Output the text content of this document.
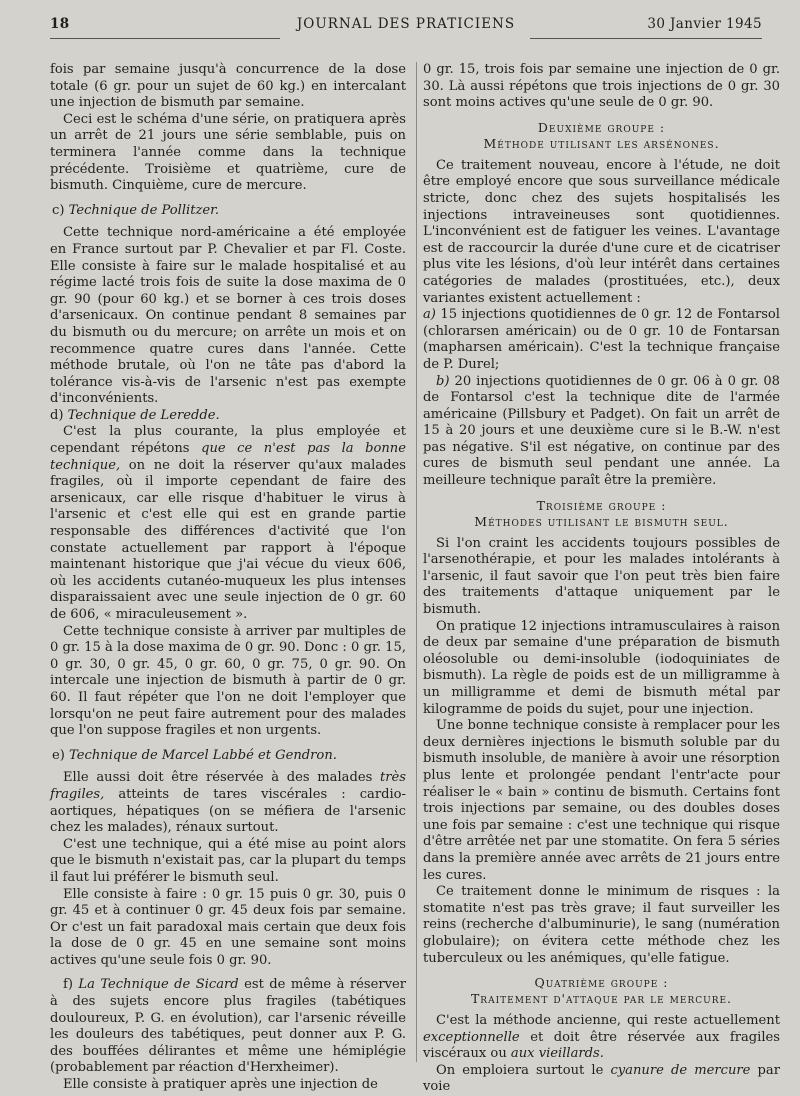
18	JOURNAL DES PRATICIENS	30 Janvier 1945

fois par semaine jusqu'à concurrence de la dose totale (6 gr. pour un sujet de 60 kg.) en intercalant une injection de bismuth par semaine.

Ceci est le schéma d'une série, on pratiquera après un arrêt de 21 jours une série semblable, puis on terminera l'année comme dans la technique précédente. Troisième et quatrième, cure de bismuth. Cinquième, cure de mercure.

c) Technique de Pollitzer.

Cette technique nord-américaine a été employée en France surtout par P. Chevalier et par Fl. Coste. Elle consiste à faire sur le malade hospitalisé et au régime lacté trois fois de suite la dose maxima de 0 gr. 90 (pour 60 kg.) et se borner à ces trois doses d'arsenicaux. On continue pendant 8 semaines par du bismuth ou du mercure; on arrête un mois et on recommence quatre cures dans l'année. Cette méthode brutale, où l'on ne tâte pas d'abord la tolérance vis-à-vis de l'arsenic n'est pas exempte d'inconvénients.

d) Technique de Leredde.

C'est la plus courante, la plus employée et cependant répétons que ce n'est pas la bonne technique, on ne doit la réserver qu'aux malades fragiles, où il importe cependant de faire des arsenicaux, car elle risque d'habituer le virus à l'arsenic et c'est elle qui est en grande partie responsable des différences d'activité que l'on constate actuellement par rapport à l'époque maintenant historique que j'ai vécue du vieux 606, où les accidents cutanéo-muqueux les plus intenses disparaissaient avec une seule injection de 0 gr. 60 de 606, « miraculeusement ».

Cette technique consiste à arriver par multiples de 0 gr. 15 à la dose maxima de 0 gr. 90. Donc : 0 gr. 15, 0 gr. 30, 0 gr. 45, 0 gr. 60, 0 gr. 75, 0 gr. 90. On intercale une injection de bismuth à partir de 0 gr. 60. Il faut répéter que l'on ne doit l'employer que lorsqu'on ne peut faire autrement pour des malades que l'on suppose fragiles et non urgents.

e) Technique de Marcel Labbé et Gendron.

Elle aussi doit être réservée à des malades très fragiles, atteints de tares viscérales : cardio-aortiques, hépatiques (on se méfiera de l'arsenic chez les malades), rénaux surtout.

C'est une technique, qui a été mise au point alors que le bismuth n'existait pas, car la plupart du temps il faut lui préférer le bismuth seul.

Elle consiste à faire : 0 gr. 15 puis 0 gr. 30, puis 0 gr. 45 et à continuer 0 gr. 45 deux fois par semaine. Or c'est un fait paradoxal mais certain que deux fois la dose de 0 gr. 45 en une semaine sont moins actives qu'une seule fois 0 gr. 90.

f) La Technique de Sicard est de même à réserver à des sujets encore plus fragiles (tabétiques douloureux, P. G. en évolution), car l'arsenic réveille les douleurs des tabétiques, peut donner aux P. G. des bouffées délirantes et même une hémiplégie (probablement par réaction d'Herxheimer).

Elle consiste à pratiquer après une injection de

0 gr. 15, trois fois par semaine une injection de 0 gr. 30. Là aussi répétons que trois injections de 0 gr. 30 sont moins actives qu'une seule de 0 gr. 90.

Deuxième groupe :
Méthode utilisant les arsénones.

Ce traitement nouveau, encore à l'étude, ne doit être employé encore que sous surveillance médicale stricte, donc chez des sujets hospitalisés les injections intraveineuses sont quotidiennes. L'inconvénient est de fatiguer les veines. L'avantage est de raccourcir la durée d'une cure et de cicatriser plus vite les lésions, d'où leur intérêt dans certaines catégories de malades (prostituées, etc.), deux variantes existent actuellement :

a) 15 injections quotidiennes de 0 gr. 12 de Fontarsol (chlorarsen américain) ou de 0 gr. 10 de Fontarsan (mapharsen américain). C'est la technique française de P. Durel;

b) 20 injections quotidiennes de 0 gr. 06 à 0 gr. 08 de Fontarsol c'est la technique dite de l'armée américaine (Pillsbury et Padget). On fait un arrêt de 15 à 20 jours et une deuxième cure si le B.-W. n'est pas négative. S'il est négative, on continue par des cures de bismuth seul pendant une année. La meilleure technique paraît être la première.

Troisième groupe :
Méthodes utilisant le bismuth seul.

Si l'on craint les accidents toujours possibles de l'arsenothérapie, et pour les malades intolérants à l'arsenic, il faut savoir que l'on peut très bien faire des traitements d'attaque uniquement par le bismuth.

On pratique 12 injections intramusculaires à raison de deux par semaine d'une préparation de bismuth oléosoluble ou demi-insoluble (iodoquiniates de bismuth). La règle de poids est de un milligramme à un milligramme et demi de bismuth métal par kilogramme de poids du sujet, pour une injection.

Une bonne technique consiste à remplacer pour les deux dernières injections le bismuth soluble par du bismuth insoluble, de manière à avoir une résorption plus lente et prolongée pendant l'entr'acte pour réaliser le « bain » continu de bismuth. Certains font trois injections par semaine, ou des doubles doses une fois par semaine : c'est une technique qui risque d'être arrêtée net par une stomatite. On fera 5 séries dans la première année avec arrêts de 21 jours entre les cures.

Ce traitement donne le minimum de risques : la stomatite n'est pas très grave; il faut surveiller les reins (recherche d'albuminurie), le sang (numération globulaire); on évitera cette méthode chez les tuberculeux ou les anémiques, qu'elle fatigue.

Quatrième groupe :
Traitement d'attaque par le mercure.

C'est la méthode ancienne, qui reste actuellement exceptionnelle et doit être réservée aux fragiles viscéraux ou aux vieillards.

On emploiera surtout le cyanure de mercure par voie
